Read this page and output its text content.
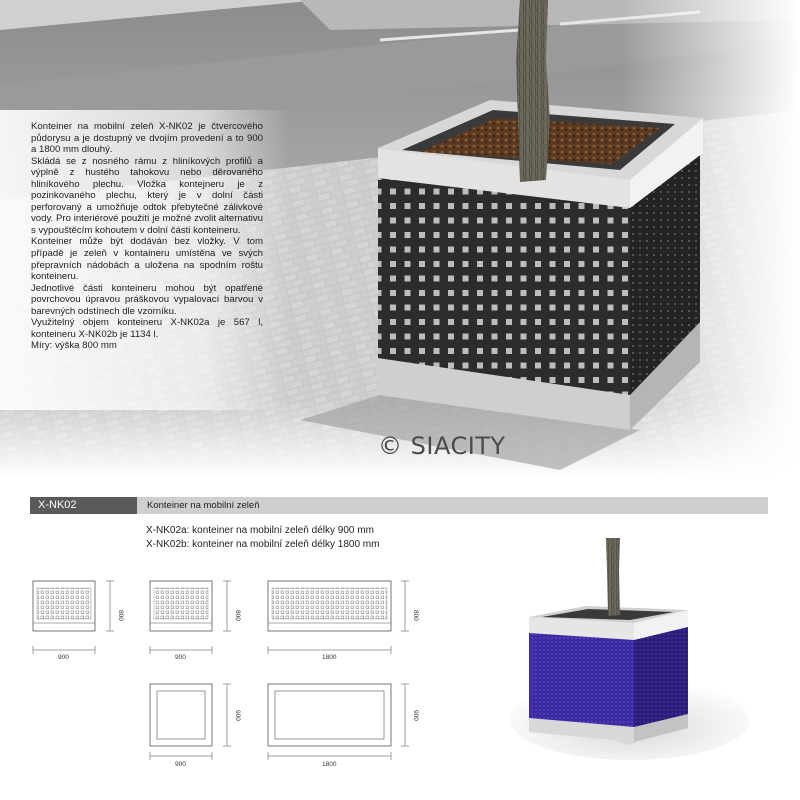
Konteiner na mobilní zeleň X-NK02 je čtvercového půdorysu a je dostupný ve dvojím provedení a to 900 a 1800 mm dlouhý.

Skládá se z nosného rámu z hliníkových profilů a výplně z hustého tahokovu nebo děrovaného hliníkového plechu. Vložka kontejneru je z pozinkovaného plechu, který je v dolní části perforovaný a umožňuje odtok přebytečné zálivkové vody. Pro interiérové použití je možné zvolit alternativu s vypouštěcím kohoutem v dolní části konteineru.

Konteiner může být dodáván bez vložky. V tom případě je zeleň v kontaineru umístěna ve svých přepravních nádobách a uložena na spodním roštu konteineru.

Jednotlivé části konteineru mohou být opatřené povrchovou úpravou práškovou vypalovací barvou v barevných odstínech dle vzorníku.

Využitelný objem konteineru X-NK02a je 567 l, konteineru X-NK02b je 1134 l.

Míry: výška 800 mm

© SIACITY
X-NK02	Konteiner na mobilní zeleň
X-NK02a: konteiner na mobilní zeleň délky 900 mm
X-NK02b: konteiner na mobilní zeleň délky 1800 mm
900
800
900
800
1800
800
900
900
1800
900
